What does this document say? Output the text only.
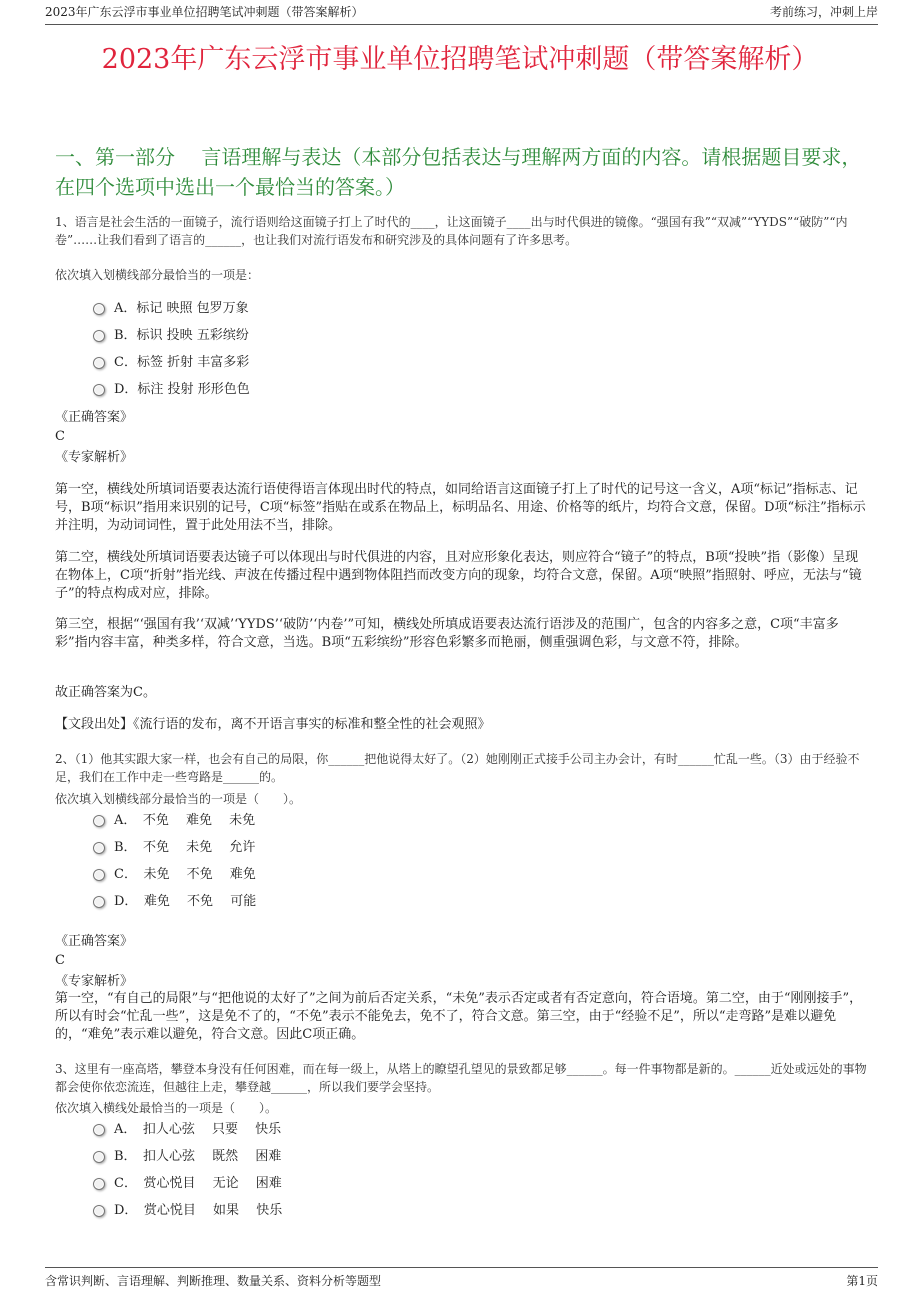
2023年广东云浮市事业单位招聘笔试冲刺题（带答案解析）	考前练习，冲刺上岸
2023年广东云浮市事业单位招聘笔试冲刺题（带答案解析）
一、第一部分　 言语理解与表达（本部分包括表达与理解两方面的内容。请根据题目要求，在四个选项中选出一个最恰当的答案。）
1、语言是社会生活的一面镜子，流行语则给这面镜子打上了时代的____，让这面镜子____出与时代俱进的镜像。“强国有我”“双减”“YYDS”“破防”“内卷”……让我们看到了语言的______，也让我们对流行语发布和研究涉及的具体问题有了许多思考。
依次填入划横线部分最恰当的一项是：
A．标记 映照 包罗万象
B．标识 投映 五彩缤纷
C．标签 折射 丰富多彩
D．标注 投射 形形色色
《正确答案》
C
《专家解析》
第一空，横线处所填词语要表达流行语使得语言体现出时代的特点，如同给语言这面镜子打上了时代的记号这一含义，A项“标记”指标志、记号，B项“标识”指用来识别的记号，C项“标签”指贴在或系在物品上，标明品名、用途、价格等的纸片，均符合文意，保留。D项“标注”指标示并注明，为动词词性，置于此处用法不当，排除。
第二空，横线处所填词语要表达镜子可以体现出与时代俱进的内容，且对应形象化表达，则应符合“镜子”的特点，B项“投映”指（影像）呈现在物体上，C项“折射”指光线、声波在传播过程中遇到物体阻挡而改变方向的现象，均符合文意，保留。A项“映照”指照射、呼应，无法与“镜子”的特点构成对应，排除。
第三空，根据“‘强国有我’‘双减’‘YYDS’‘破防’‘内卷’”可知，横线处所填成语要表达流行语涉及的范围广，包含的内容多之意，C项“丰富多彩”指内容丰富，种类多样，符合文意，当选。B项“五彩缤纷”形容色彩繁多而艳丽，侧重强调色彩，与文意不符，排除。
故正确答案为C。
【文段出处】《流行语的发布，离不开语言事实的标准和整全性的社会观照》
2、（1）他其实跟大家一样，也会有自己的局限，你______把他说得太好了。（2）她刚刚正式接手公司主办会计，有时______忙乱一些。（3）由于经验不足，我们在工作中走一些弯路是______的。
依次填入划横线部分最恰当的一项是（　　）。
A．　不免　 难免　 未免
B．　不免　 未免　 允许
C．　未免　 不免　 难免
D．　难免　 不免　 可能
《正确答案》
C
《专家解析》
第一空，“有自己的局限”与“把他说的太好了”之间为前后否定关系，“未免”表示否定或者有否定意向，符合语境。第二空，由于“刚刚接手”，所以有时会“忙乱一些”，这是免不了的，“不免”表示不能免去，免不了，符合文意。第三空，由于“经验不足”，所以“走弯路”是难以避免的，“难免”表示难以避免，符合文意。因此C项正确。
3、这里有一座高塔，攀登本身没有任何困难，而在每一级上，从塔上的瞭望孔望见的景致都足够______。每一件事物都是新的。______近处或远处的事物都会使你依恋流连，但越往上走，攀登越______，所以我们要学会坚持。
依次填入横线处最恰当的一项是（　　）。
A．　扣人心弦　 只要　 快乐
B．　扣人心弦　 既然　 困难
C．　赏心悦目　 无论　 困难
D．　赏心悦目　 如果　 快乐
含常识判断、言语理解、判断推理、数量关系、资料分析等题型	第1页
